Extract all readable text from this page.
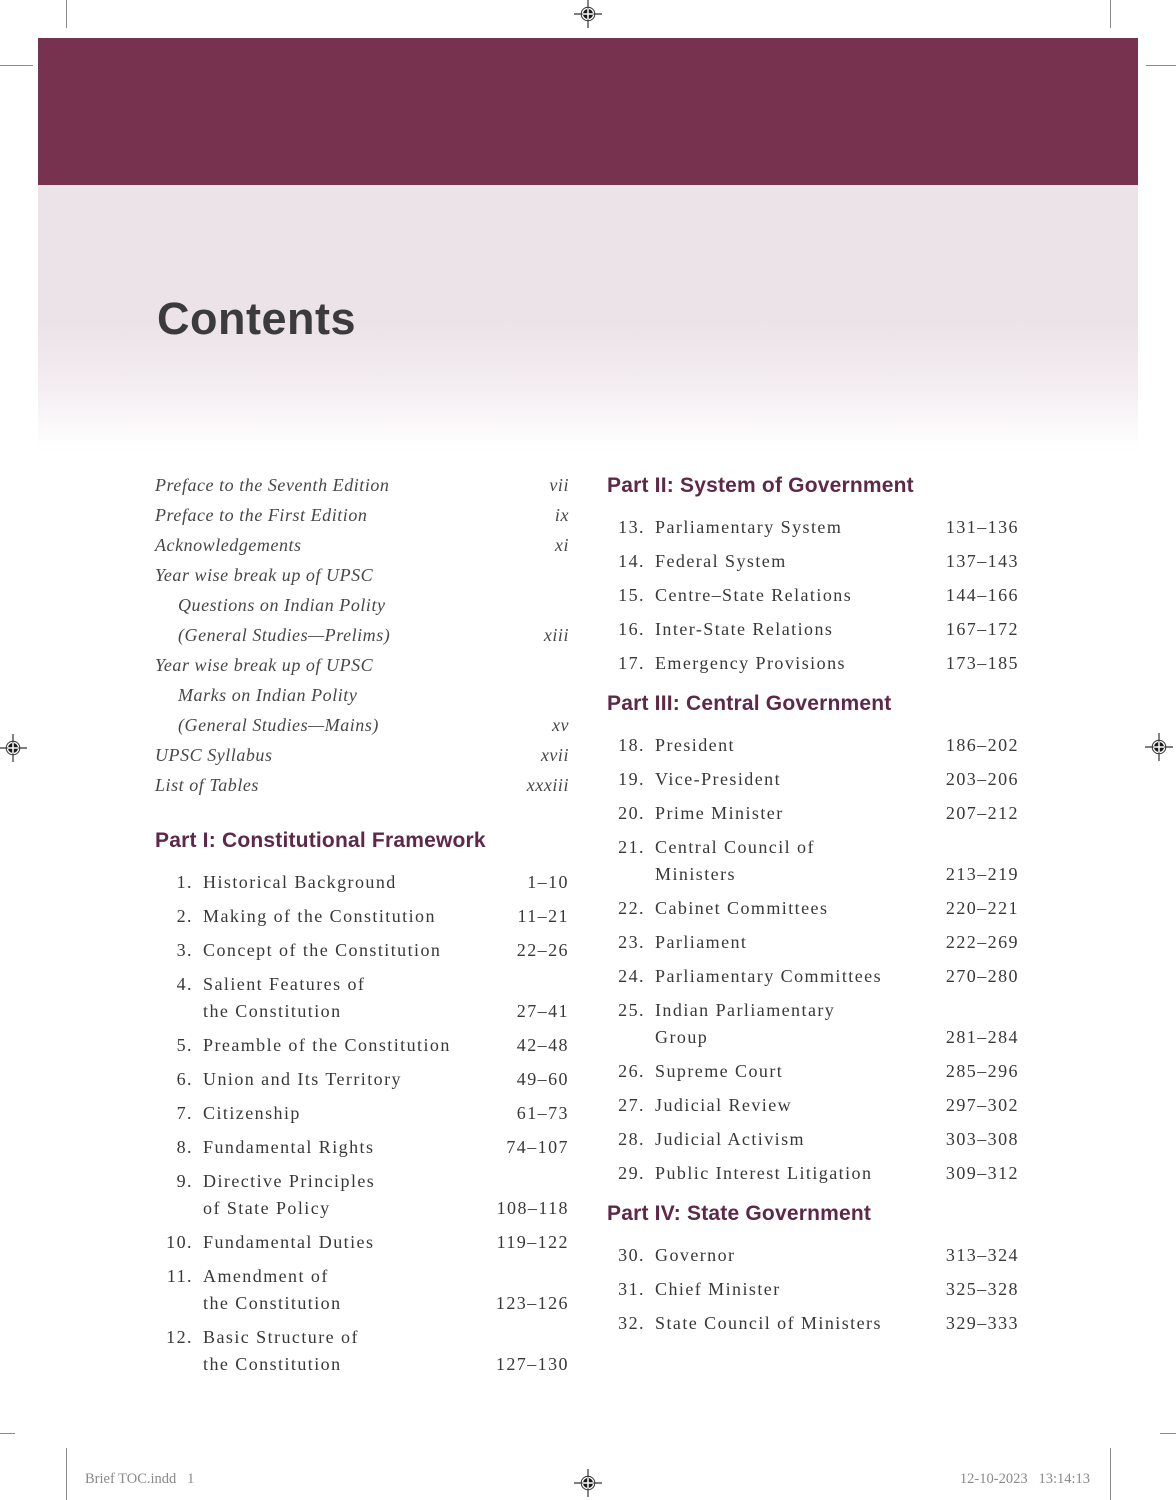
Contents
Preface to the Seventh Edition	vii
Preface to the First Edition	ix
Acknowledgements	xi
Year wise break up of UPSC
Questions on Indian Polity
(General Studies—Prelims)	xiii
Year wise break up of UPSC
Marks on Indian Polity
(General Studies—Mains)	xv
UPSC Syllabus	xvii
List of Tables	xxxiii
Part I: Constitutional Framework
1. Historical Background	1–10
2. Making of the Constitution	11–21
3. Concept of the Constitution	22–26
4. Salient Features of
the Constitution	27–41
5. Preamble of the Constitution	42–48
6. Union and Its Territory	49–60
7. Citizenship	61–73
8. Fundamental Rights	74–107
9. Directive Principles
of State Policy	108–118
10. Fundamental Duties	119–122
11. Amendment of
the Constitution	123–126
12. Basic Structure of
the Constitution	127–130
Part II: System of Government
13. Parliamentary System	131–136
14. Federal System	137–143
15. Centre–State Relations	144–166
16. Inter-State Relations	167–172
17. Emergency Provisions	173–185
Part III: Central Government
18. President	186–202
19. Vice-President	203–206
20. Prime Minister	207–212
21. Central Council of
Ministers	213–219
22. Cabinet Committees	220–221
23. Parliament	222–269
24. Parliamentary Committees	270–280
25. Indian Parliamentary
Group	281–284
26. Supreme Court	285–296
27. Judicial Review	297–302
28. Judicial Activism	303–308
29. Public Interest Litigation	309–312
Part IV: State Government
30. Governor	313–324
31. Chief Minister	325–328
32. State Council of Ministers	329–333
Brief TOC.indd   1	12-10-2023   13:14:13
